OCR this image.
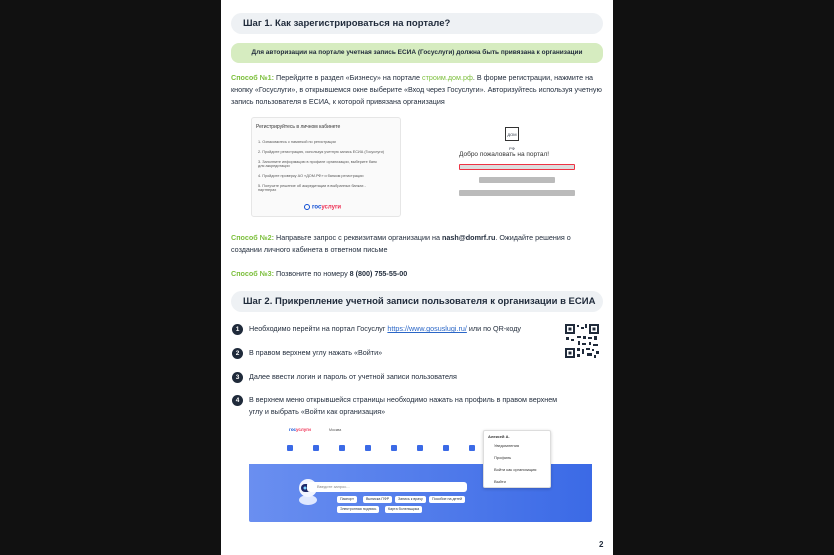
Шаг 1. Как зарегистрироваться на портале?
Для авторизации на портале учетная запись ЕСИА (Госуслуги) должна быть привязана к организации
Способ №1: Перейдите в раздел «Бизнесу» на портале строим.дом.рф. В форме регистрации, нажмите на кнопку «Госуслуги», в открывшемся окне выберите «Вход через Госуслуги». Авторизуйтесь используя учетную запись пользователя в ЕСИА, к которой привязана организация
Регистрируйтесь в личном кабинете
1. Ознакомьтесь с памяткой по регистрации
2. Пройдите регистрацию, используя учетную запись ЕСИА (Госуслуги)
3. Заполните информацию в профиле организации, выберите банк для аккредитации
4. Пройдите проверку АО «ДОМ.РФ» и банком регистрации
5. Получите решение об аккредитации в выбранных банках - партнерах
госуслуги
ДОМ РФ
Добро пожаловать на портал!
Способ №2: Направьте запрос с реквизитами организации на nash@domrf.ru. Ожидайте решения о создании личного кабинета в ответном письме
Способ №3: Позвоните по номеру 8 (800) 755-55-00
Шаг 2. Прикрепление учетной записи пользователя к организации в ЕСИА
1	Необходимо перейти на портал Госуслуг https://www.gosuslugi.ru/ или по QR-коду
2	В правом верхнем углу нажать «Войти»
3	Далее ввести логин и пароль от учетной записи пользователя
4	В верхнем меню открывшейся страницы необходимо нажать на профиль в правом верхнем
углу и выбрать «Войти как организация»
госуслуги	Москва
Введите запрос...
Паспорт	Выписка ПФР	Запись к врачу	Пособие на детей
Электронная подпись	Карта болельщика
Алексей А.
Уведомления
Профиль
Войти как организация
Выйти
2
